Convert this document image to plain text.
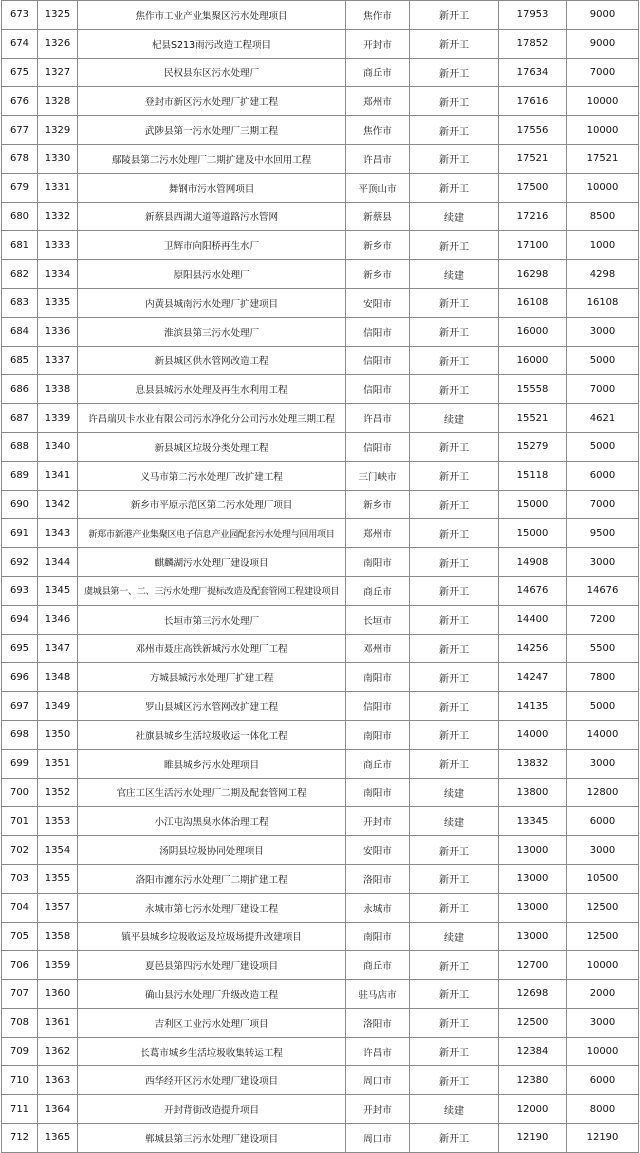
673	1325	焦作市工业产业集聚区污水处理项目	焦作市	新开工	17953	9000
674	1326	杞县S213雨污改造工程项目	开封市	新开工	17852	9000
675	1327	民权县东区污水处理厂	商丘市	新开工	17634	7000
676	1328	登封市新区污水处理厂扩建工程	郑州市	新开工	17616	10000
677	1329	武陟县第一污水处理厂三期工程	焦作市	新开工	17556	10000
678	1330	鄢陵县第二污水处理厂二期扩建及中水回用工程	许昌市	新开工	17521	17521
679	1331	舞钢市污水管网项目	平顶山市	新开工	17500	10000
680	1332	新蔡县西湖大道等道路污水管网	新蔡县	续建	17216	8500
681	1333	卫辉市向阳桥再生水厂	新乡市	新开工	17100	1000
682	1334	原阳县污水处理厂	新乡市	续建	16298	4298
683	1335	内黄县城南污水处理厂扩建项目	安阳市	新开工	16108	16108
684	1336	淮滨县第三污水处理厂	信阳市	新开工	16000	3000
685	1337	新县城区供水管网改造工程	信阳市	新开工	16000	5000
686	1338	息县县城污水处理及再生水利用工程	信阳市	新开工	15558	7000
687	1339	许昌瑞贝卡水业有限公司污水净化分公司污水处理三期工程	许昌市	续建	15521	4621
688	1340	新县城区垃圾分类处理工程	信阳市	新开工	15279	5000
689	1341	义马市第二污水处理厂改扩建工程	三门峡市	新开工	15118	6000
690	1342	新乡市平原示范区第二污水处理厂项目	新乡市	新开工	15000	7000
691	1343	新郑市新港产业集聚区电子信息产业园配套污水处理与回用项目	郑州市	新开工	15000	9500
692	1344	麒麟湖污水处理厂建设项目	南阳市	新开工	14908	3000
693	1345	虞城县第一、二、三污水处理厂提标改造及配套管网工程建设项目	商丘市	新开工	14676	14676
694	1346	长垣市第三污水处理厂	长垣市	新开工	14400	7200
695	1347	邓州市聂庄高铁新城污水处理厂工程	邓州市	新开工	14256	5500
696	1348	方城县城污水处理厂扩建工程	南阳市	新开工	14247	7800
697	1349	罗山县城区污水管网改扩建工程	信阳市	新开工	14135	5000
698	1350	社旗县城乡生活垃圾收运一体化工程	南阳市	新开工	14000	14000
699	1351	睢县城乡污水处理项目	商丘市	新开工	13832	3000
700	1352	官庄工区生活污水处理厂二期及配套管网工程	南阳市	续建	13800	12800
701	1353	小江屯沟黑臭水体治理工程	开封市	续建	13345	6000
702	1354	汤阴县垃圾协同处理项目	安阳市	新开工	13000	3000
703	1355	洛阳市瀍东污水处理厂二期扩建工程	洛阳市	新开工	13000	10500
704	1357	永城市第七污水处理厂建设工程	永城市	新开工	13000	12500
705	1358	镇平县城乡垃圾收运及垃圾场提升改建项目	南阳市	续建	13000	12500
706	1359	夏邑县第四污水处理厂建设项目	商丘市	新开工	12700	10000
707	1360	确山县污水处理厂升级改造工程	驻马店市	新开工	12698	2000
708	1361	吉利区工业污水处理厂项目	洛阳市	新开工	12500	3000
709	1362	长葛市城乡生活垃圾收集转运工程	许昌市	新开工	12384	10000
710	1363	西华经开区污水处理厂建设项目	周口市	新开工	12380	6000
711	1364	开封背街改造提升项目	开封市	续建	12000	8000
712	1365	郸城县第三污水处理厂建设项目	周口市	新开工	12190	12190
